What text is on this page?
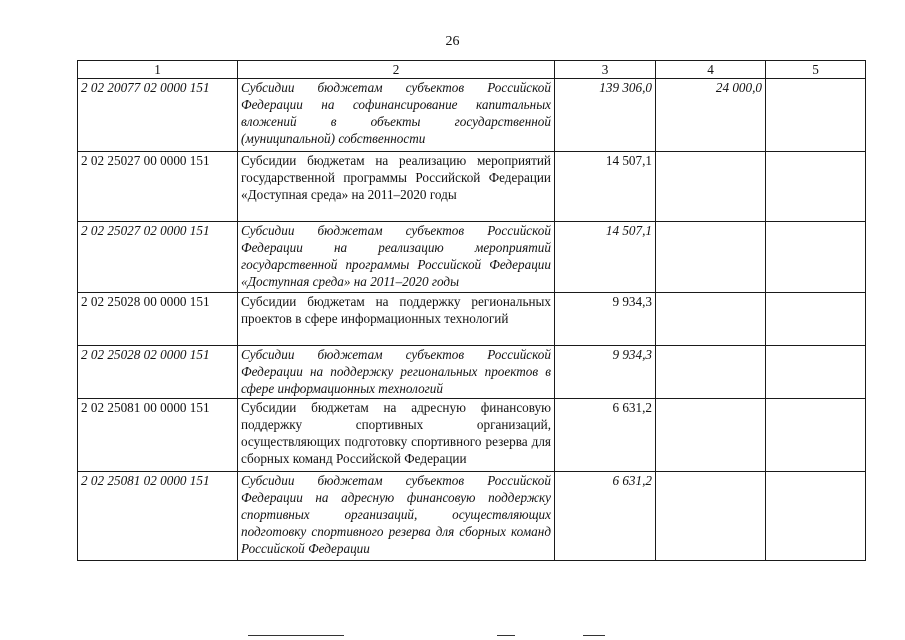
26
1	2	3	4	5
2 02 20077 02 0000 151	Субсидии бюджетам субъектов Российской Федерации на софинансирование капитальных вложений в объекты государственной (муниципальной) собственности	139 306,0	24 000,0	
2 02 25027 00 0000 151	Субсидии бюджетам на реализацию мероприятий государственной программы Российской Федерации «Доступная среда» на 2011–2020 годы	14 507,1		
2 02 25027 02 0000 151	Субсидии бюджетам субъектов Российской Федерации на реализацию мероприятий государственной программы Российской Федерации «Доступная среда» на 2011–2020 годы	14 507,1		
2 02 25028 00 0000 151	Субсидии бюджетам на поддержку региональных проектов в сфере информационных технологий	9 934,3		
2 02 25028 02 0000 151	Субсидии бюджетам субъектов Российской Федерации на поддержку региональных проектов в сфере информационных технологий	9 934,3		
2 02 25081 00 0000 151	Субсидии бюджетам на адресную финансовую поддержку спортивных организаций, осуществляющих подготовку спортивного резерва для сборных команд Российской Федерации	6 631,2		
2 02 25081 02 0000 151	Субсидии бюджетам субъектов Российской Федерации на адресную финансовую поддержку спортивных организаций, осуществляющих подготовку спортивного резерва для сборных команд Российской Федерации	6 631,2		
